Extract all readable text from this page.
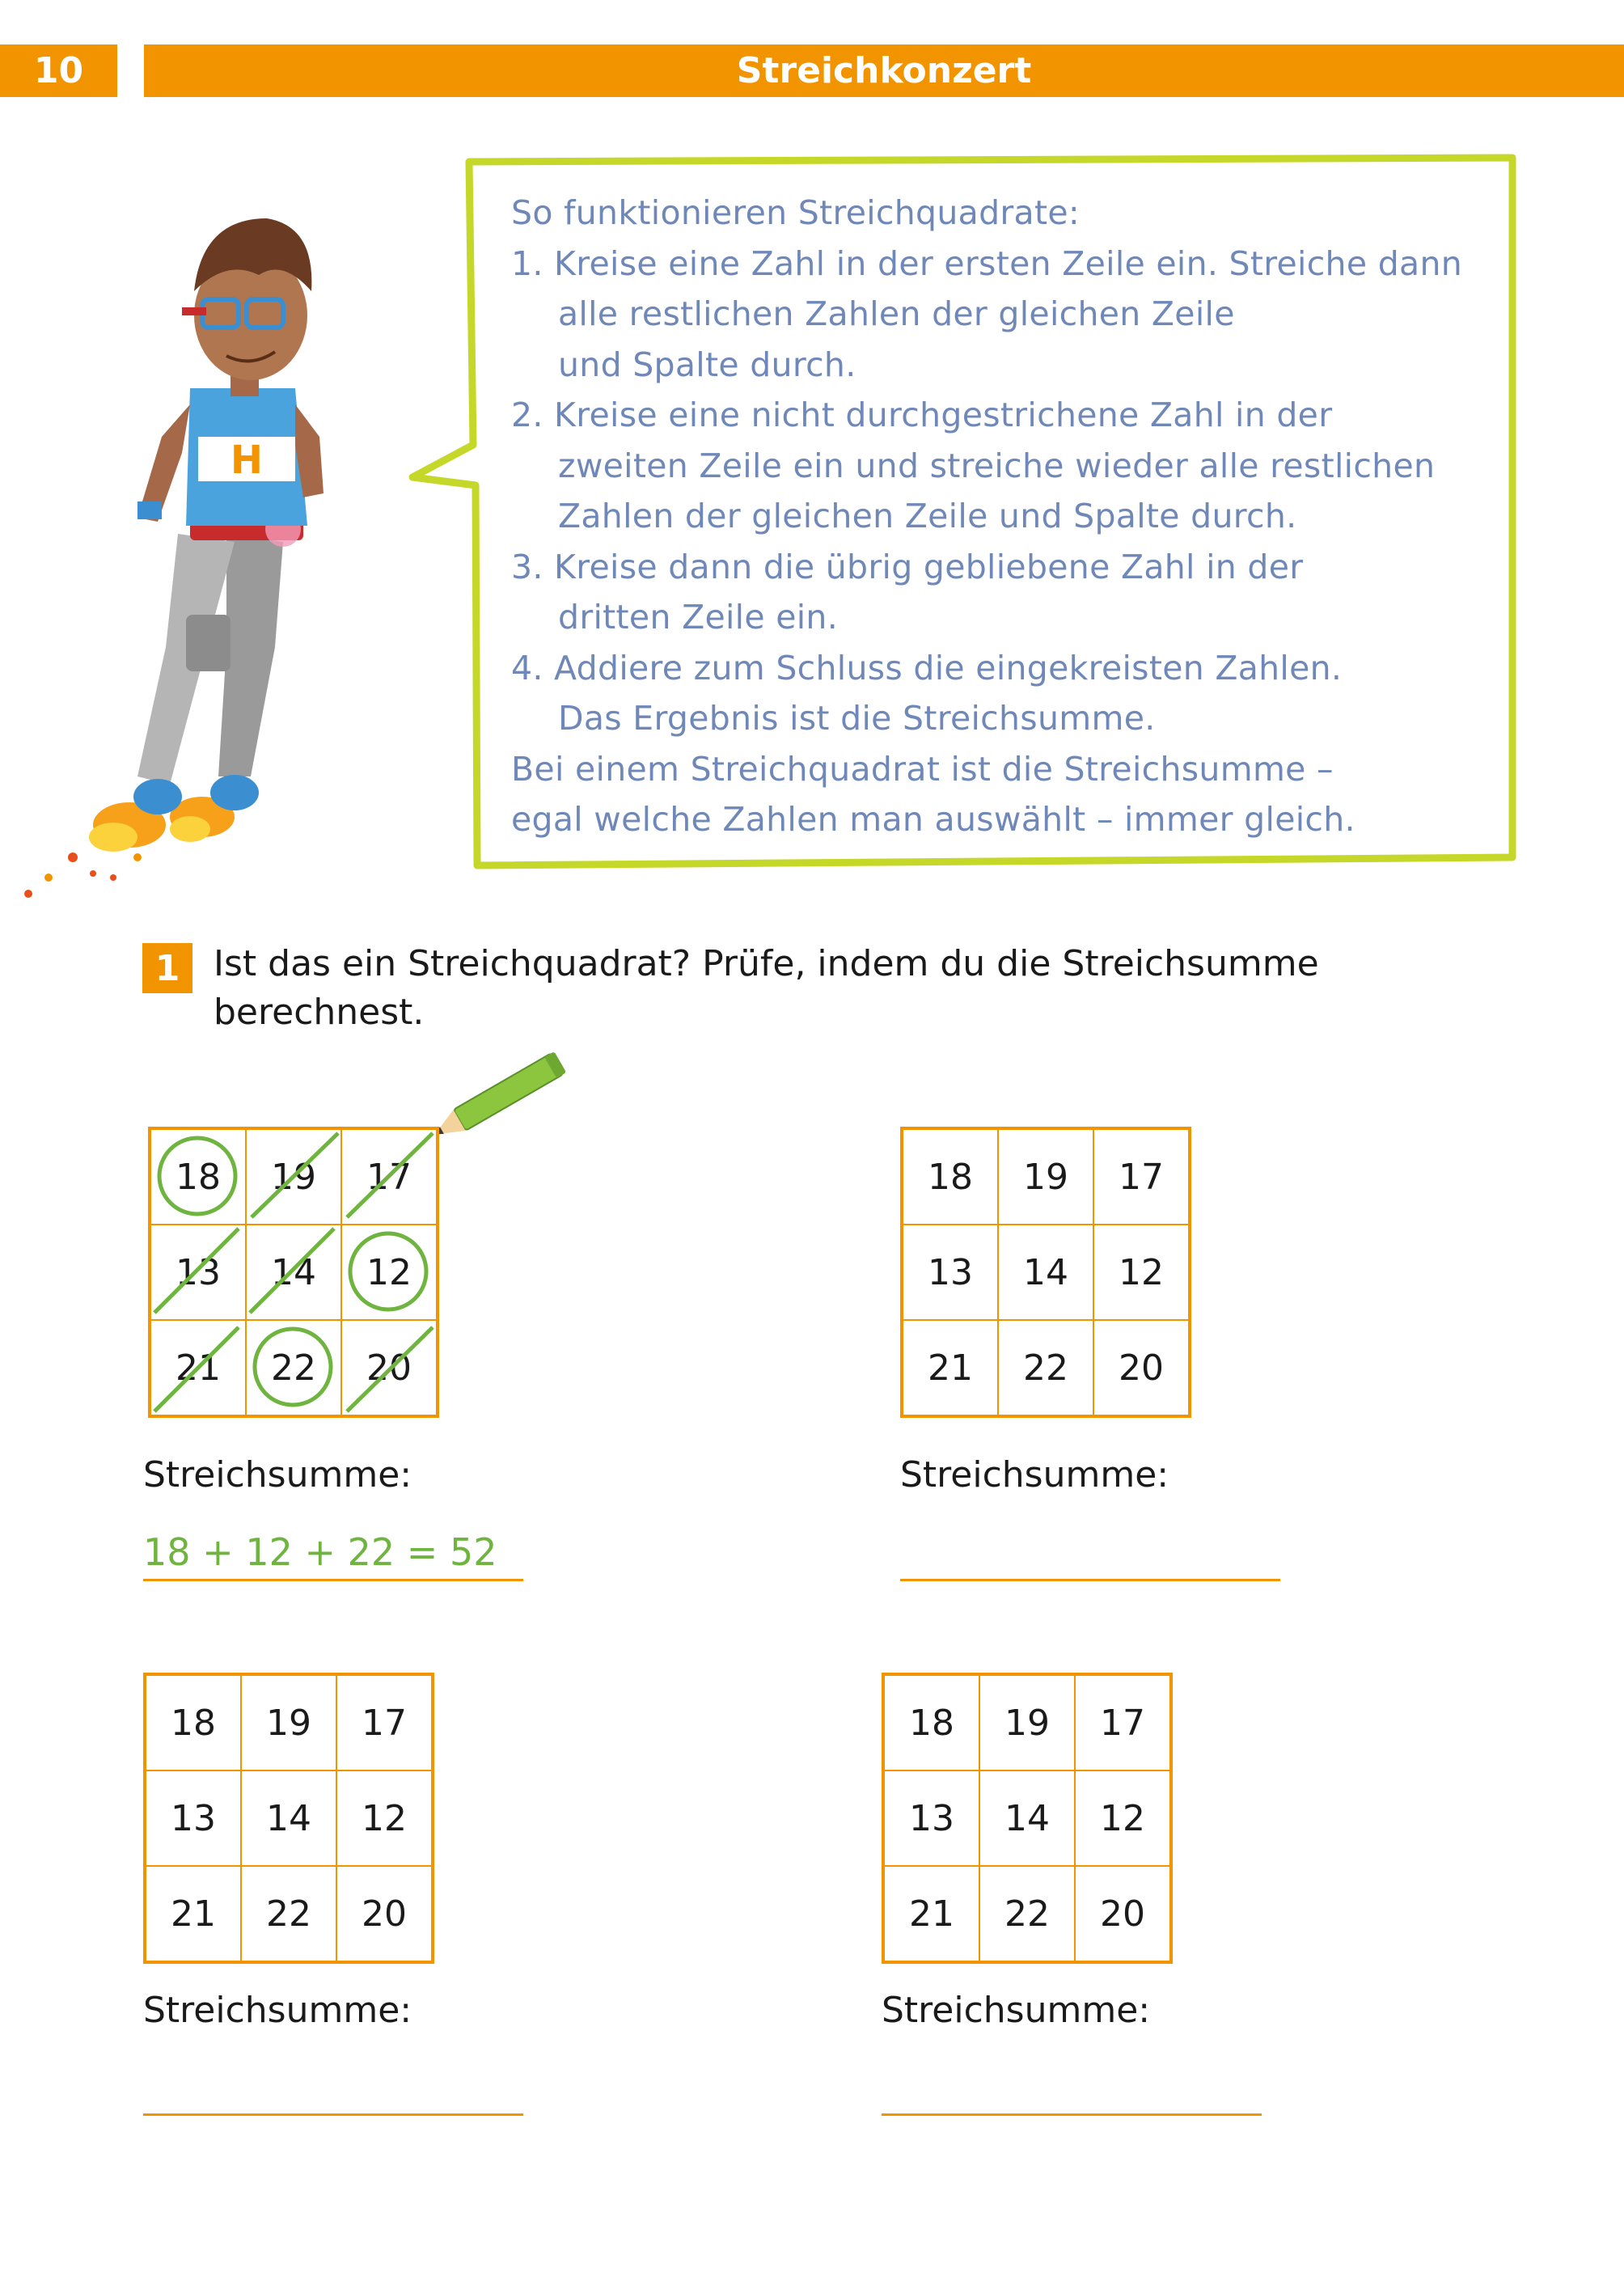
10	Streichkonzert
H
So funktionieren Streichquadrate:
1. Kreise eine Zahl in der ersten Zeile ein. Streiche dann
alle restlichen Zahlen der gleichen Zeile
und Spalte durch.
2. Kreise eine nicht durchgestrichene Zahl in der
zweiten Zeile ein und streiche wieder alle restlichen
Zahlen der gleichen Zeile und Spalte durch.
3. Kreise dann die übrig gebliebene Zahl in der
dritten Zeile ein.
4. Addiere zum Schluss die eingekreisten Zahlen.
Das Ergebnis ist die Streichsumme.
Bei einem Streichquadrat ist die Streichsumme –
egal welche Zahlen man auswählt – immer gleich.
1 Ist das ein Streichquadrat? Prüfe, indem du die Streichsumme
berechnest.
18	19	17
13	14	12
21	22	20
Streichsumme:
18 + 12 + 22 = 52
18	19	17
13	14	12
21	22	20
Streichsumme:
18	19	17
13	14	12
21	22	20
Streichsumme:
18	19	17
13	14	12
21	22	20
Streichsumme:
